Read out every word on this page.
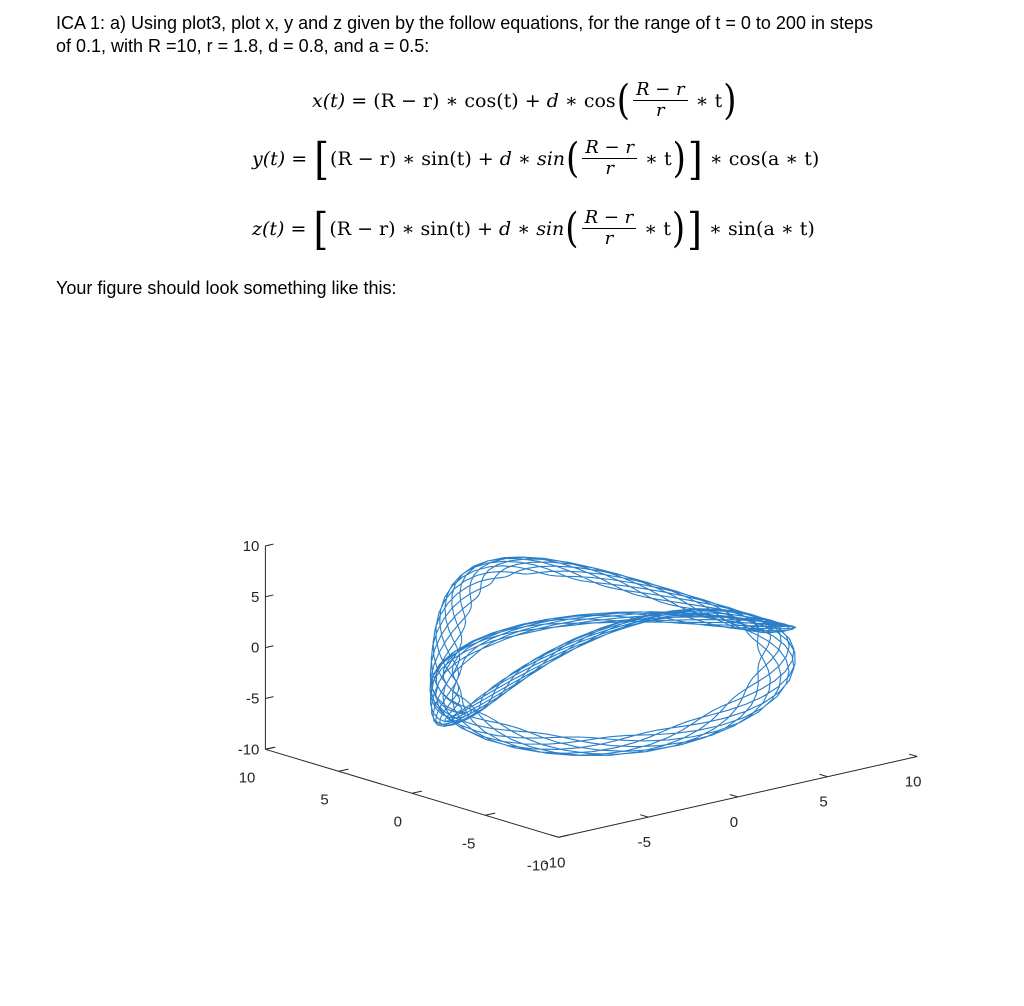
ICA 1: a) Using plot3, plot x, y and z given by the follow equations, for the range of t = 0 to 200 in steps
of 0.1, with R =10, r = 1.8, d = 0.8, and a = 0.5:
x(t) = (R − r) ∗ cos(t) + d ∗ cos ( $\frac{R - r}{r}$ ∗ t )
y(t) = [ (R − r) ∗ sin(t) + d ∗ sin ( $\frac{R - r}{r}$ ∗ t ) ] ∗ cos(a ∗ t)
z(t) = [ (R − r) ∗ sin(t) + d ∗ sin ( $\frac{R - r}{r}$ ∗ t ) ] ∗ sin(a ∗ t)
Your figure should look something like this:
-10
-5
0
5
10
-10
-5
0
5
10
-10
-5
0
5
10
